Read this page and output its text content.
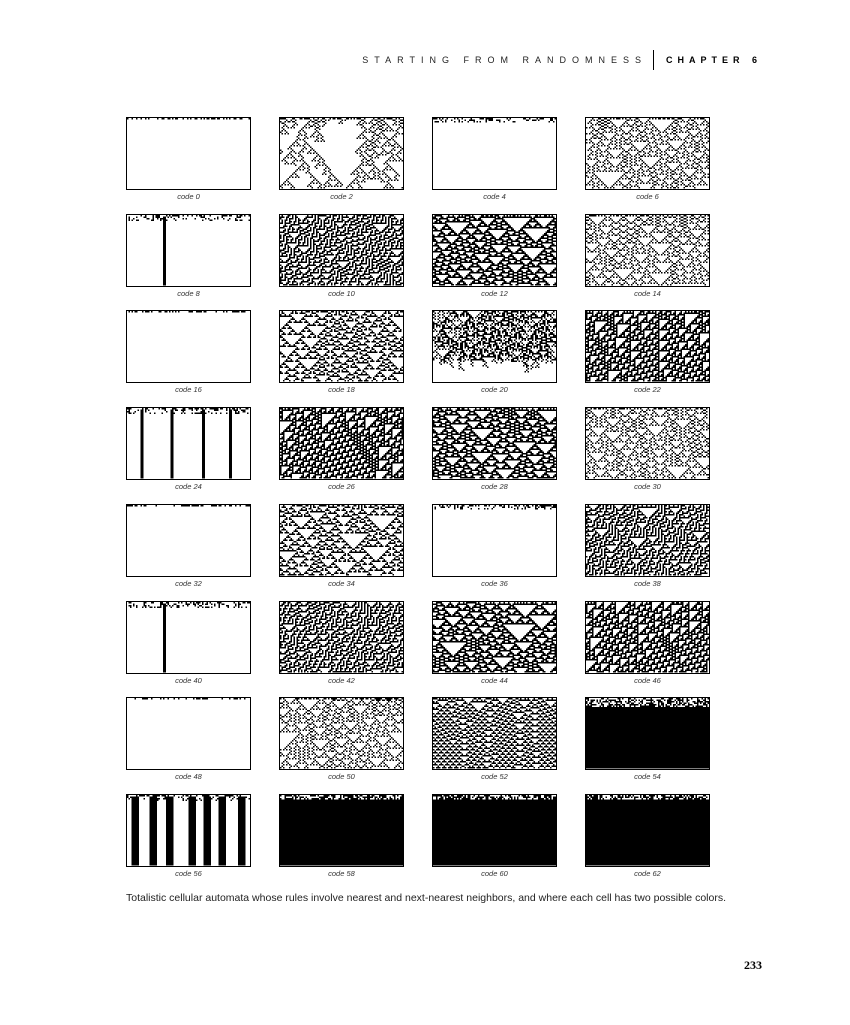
STARTING FROM RANDOMNESS CHAPTER 6
code 0	code 2	code 4	code 6
code 8	code 10	code 12	code 14
code 16	code 18	code 20	code 22
code 24	code 26	code 28	code 30
code 32	code 34	code 36	code 38
code 40	code 42	code 44	code 46
code 48	code 50	code 52	code 54
code 56	code 58	code 60	code 62
Totalistic cellular automata whose rules involve nearest and next-nearest neighbors, and where each cell has two possible colors.
233
